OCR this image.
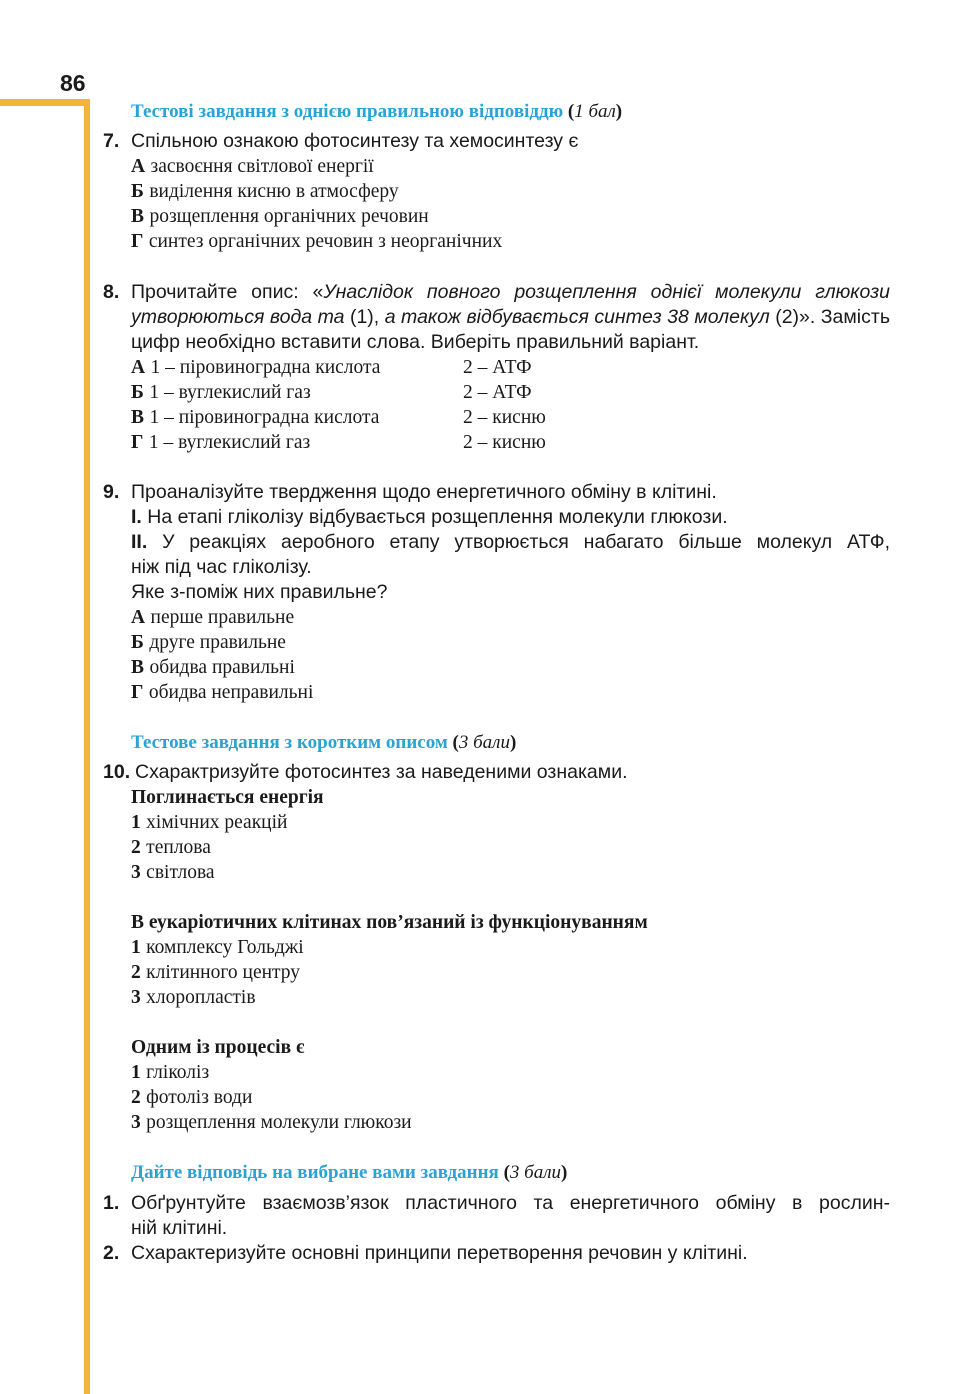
86
Тестові завдання з однією правильною відповіддю (1 бал)
7. Спільною ознакою фотосинтезу та хемосинтезу є
А засвоєння світлової енергії
Б виділення кисню в атмосферу
В розщеплення органічних речовин
Г синтез органічних речовин з неорганічних
8. Прочитайте опис: «Унаслідок повного розщеплення однієї молекули глюкози
утворюються вода та (1), а також відбувається синтез 38 молекул (2)». Замість
цифр необхідно вставити слова. Виберіть правильний варіант.
А 1 – піровиноградна кислота	2 – АТФ
Б 1 – вуглекислий газ	2 – АТФ
В 1 – піровиноградна кислота	2 – кисню
Г 1 – вуглекислий газ	2 – кисню
9. Проаналізуйте твердження щодо енергетичного обміну в клітині.
I. На етапі гліколізу відбувається розщеплення молекули глюкози.
II. У реакціях аеробного етапу утворюється набагато більше молекул АТФ,
ніж під час гліколізу.
Яке з-поміж них правильне?
А перше правильне
Б друге правильне
В обидва правильні
Г обидва неправильні
Тестове завдання з коротким описом (3 бали)
10. Схарактризуйте фотосинтез за наведеними ознаками.
Поглинається енергія
1 хімічних реакцій
2 теплова
3 світлова
В еукаріотичних клітинах пов’язаний із функціонуванням
1 комплексу Гольджі
2 клітинного центру
3 хлоропластів
Одним із процесів є
1 гліколіз
2 фотоліз води
3 розщеплення молекули глюкози
Дайте відповідь на вибране вами завдання (3 бали)
1. Обґрунтуйте взаємозв’язок пластичного та енергетичного обміну в рослин-
ній клітині.
2. Схарактеризуйте основні принципи перетворення речовин у клітині.
